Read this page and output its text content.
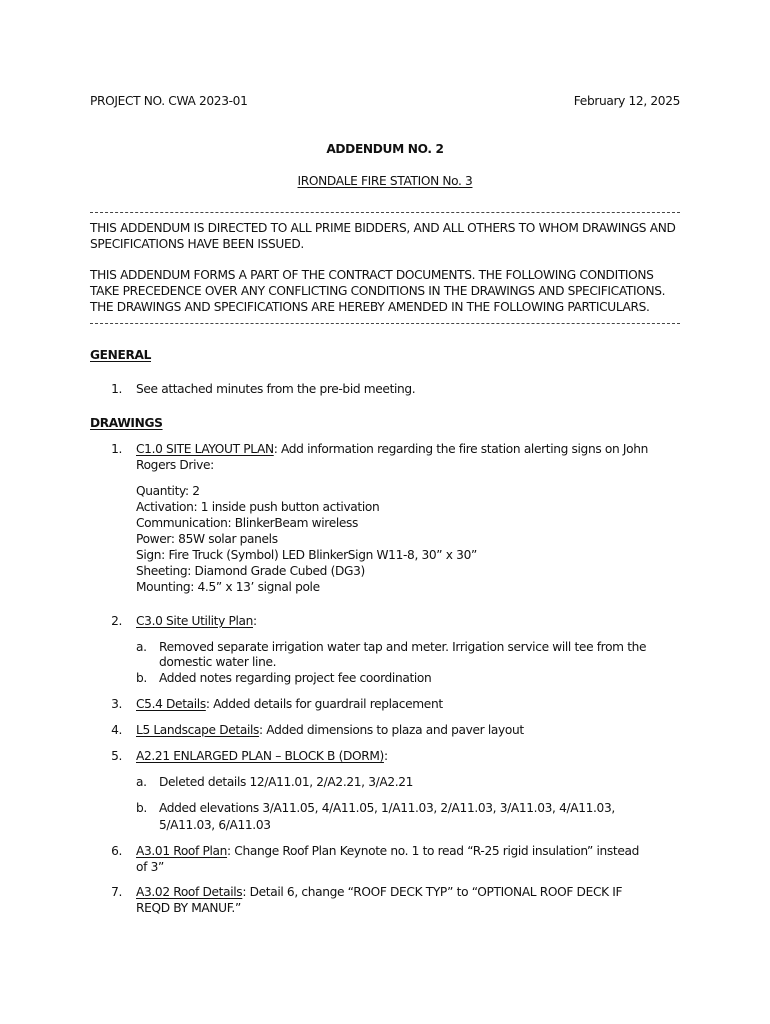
PROJECT NO. CWA 2023-01	February 12, 2025
ADDENDUM NO. 2
IRONDALE FIRE STATION No. 3
THIS ADDENDUM IS DIRECTED TO ALL PRIME BIDDERS, AND ALL OTHERS TO WHOM DRAWINGS AND
SPECIFICATIONS HAVE BEEN ISSUED.
THIS ADDENDUM FORMS A PART OF THE CONTRACT DOCUMENTS. THE FOLLOWING CONDITIONS
TAKE PRECEDENCE OVER ANY CONFLICTING CONDITIONS IN THE DRAWINGS AND SPECIFICATIONS.
THE DRAWINGS AND SPECIFICATIONS ARE HEREBY AMENDED IN THE FOLLOWING PARTICULARS.
GENERAL
1. See attached minutes from the pre-bid meeting.
DRAWINGS
1. C1.0 SITE LAYOUT PLAN: Add information regarding the fire station alerting signs on John
Rogers Drive:
Quantity: 2
Activation: 1 inside push button activation
Communication: BlinkerBeam wireless
Power: 85W solar panels
Sign: Fire Truck (Symbol) LED BlinkerSign W11-8, 30” x 30”
Sheeting: Diamond Grade Cubed (DG3)
Mounting: 4.5” x 13’ signal pole
2. C3.0 Site Utility Plan:
a. Removed separate irrigation water tap and meter. Irrigation service will tee from the
domestic water line.
b. Added notes regarding project fee coordination
3. C5.4 Details: Added details for guardrail replacement
4. L5 Landscape Details: Added dimensions to plaza and paver layout
5. A2.21 ENLARGED PLAN – BLOCK B (DORM):
a. Deleted details 12/A11.01, 2/A2.21, 3/A2.21
b. Added elevations 3/A11.05, 4/A11.05, 1/A11.03, 2/A11.03, 3/A11.03, 4/A11.03,
5/A11.03, 6/A11.03
6. A3.01 Roof Plan: Change Roof Plan Keynote no. 1 to read “R-25 rigid insulation” instead
of 3”
7. A3.02 Roof Details: Detail 6, change “ROOF DECK TYP” to “OPTIONAL ROOF DECK IF
REQD BY MANUF.”
